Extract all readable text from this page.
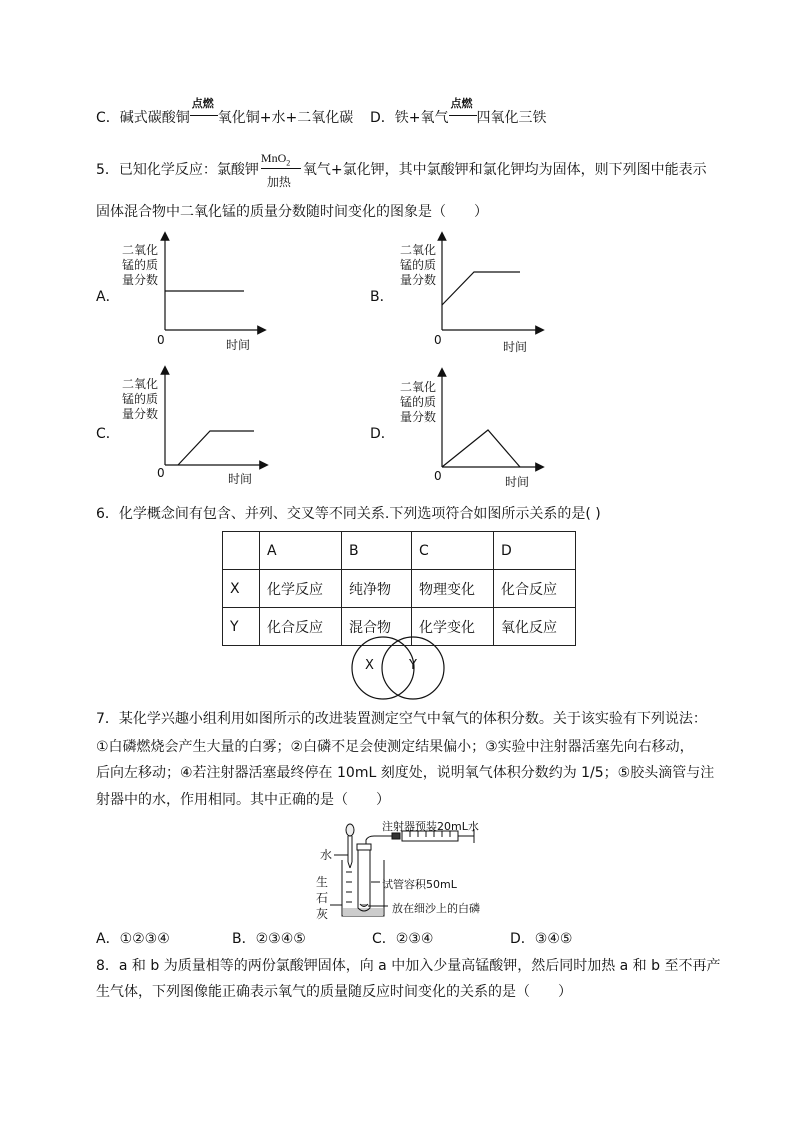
C．碱式碳酸铜
点燃
氧化铜+水+二氧化碳 D．铁+氧气
点燃
四氧化三铁
5．已知化学反应：氯酸钾
MnO$_2$
加热
氧气+氯化钾，其中氯酸钾和氯化钾均为固体，则下列图中能表示
固体混合物中二氧化锰的质量分数随时间变化的图象是（　　）
A．	B．
C．	D．
二氧化
锰的质
量分数
0	时间
二氧化
锰的质
量分数
0	时间
二氧化
锰的质
量分数
0	时间
二氧化
锰的质
量分数
0	时间
6．化学概念间有包含、并列、交叉等不同关系.下列选项符合如图所示关系的是( )
	A	B	C	D
X	化学反应	纯净物	物理变化	化合反应
Y	化合反应	混合物	化学变化	氧化反应
X	Y
7．某化学兴趣小组利用如图所示的改进装置测定空气中氧气的体积分数。关于该实验有下列说法：
①白磷燃烧会产生大量的白雾；②白磷不足会使测定结果偏小；③实验中注射器活塞先向右移动，
后向左移动；④若注射器活塞最终停在 10mL 刻度处，说明氧气体积分数约为 1/5；⑤胶头滴管与注
射器中的水，作用相同。其中正确的是（　　）
注射器预装20mL水
水
生
石
灰
试管容积50mL
放在细沙上的白磷
A．①②③④	B．②③④⑤	C．②③④	D．③④⑤
8．a 和 b 为质量相等的两份氯酸钾固体，向 a 中加入少量高锰酸钾，然后同时加热 a 和 b 至不再产
生气体，下列图像能正确表示氧气的质量随反应时间变化的关系的是（　　）
